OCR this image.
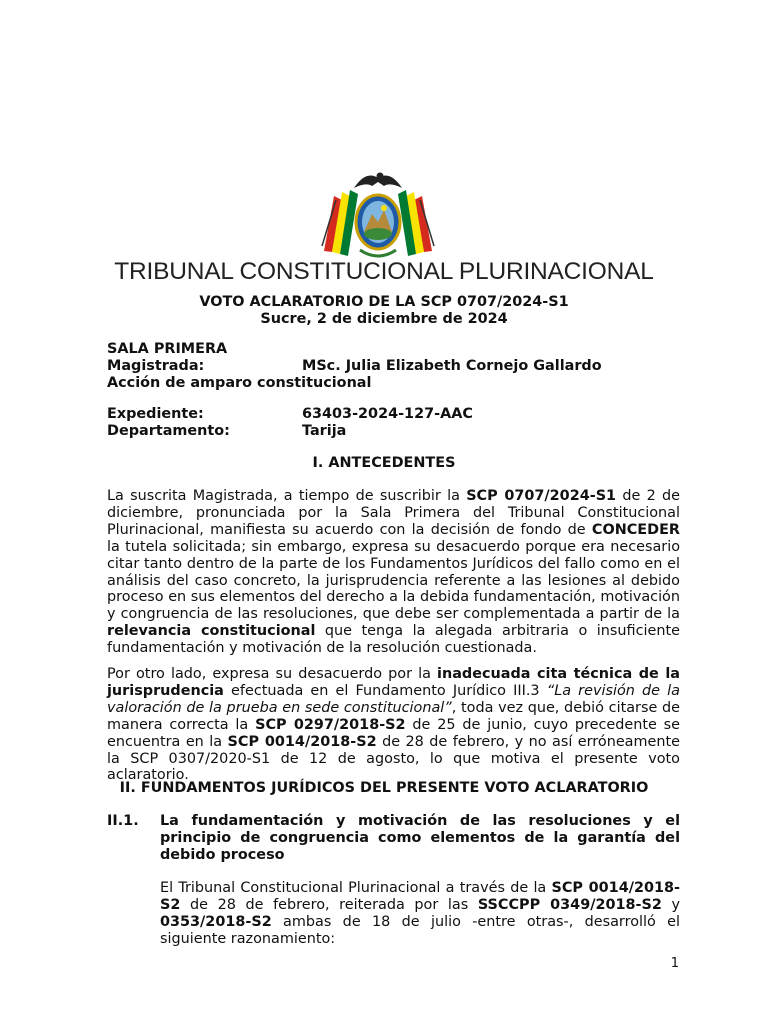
TRIBUNAL CONSTITUCIONAL PLURINACIONAL
VOTO ACLARATORIO DE LA SCP 0707/2024-S1
Sucre, 2 de diciembre de 2024
SALA PRIMERA
Magistrada:	MSc. Julia Elizabeth Cornejo Gallardo
Acción de amparo constitucional
Expediente:	63403-2024-127-AAC
Departamento:	Tarija
I. ANTECEDENTES
La suscrita Magistrada, a tiempo de suscribir la SCP 0707/2024-S1 de 2 de diciembre, pronunciada por la Sala Primera del Tribunal Constitucional Plurinacional, manifiesta su acuerdo con la decisión de fondo de CONCEDER la tutela solicitada; sin embargo, expresa su desacuerdo porque era necesario citar tanto dentro de la parte de los Fundamentos Jurídicos del fallo como en el análisis del caso concreto, la jurisprudencia referente a las lesiones al debido proceso en sus elementos del derecho a la debida fundamentación, motivación y congruencia de las resoluciones, que debe ser complementada a partir de la relevancia constitucional que tenga la alegada arbitraria o insuficiente fundamentación y motivación de la resolución cuestionada.
Por otro lado, expresa su desacuerdo por la inadecuada cita técnica de la jurisprudencia efectuada en el Fundamento Jurídico III.3 “La revisión de la valoración de la prueba en sede constitucional”, toda vez que, debió citarse de manera correcta la SCP 0297/2018-S2 de 25 de junio, cuyo precedente se encuentra en la SCP 0014/2018-S2 de 28 de febrero, y no así erróneamente la SCP 0307/2020-S1 de 12 de agosto, lo que motiva el presente voto aclaratorio.
II. FUNDAMENTOS JURÍDICOS DEL PRESENTE VOTO ACLARATORIO
II.1. La fundamentación y motivación de las resoluciones y el principio de congruencia como elementos de la garantía del debido proceso
El Tribunal Constitucional Plurinacional a través de la SCP 0014/2018-S2 de 28 de febrero, reiterada por las SSCCPP 0349/2018-S2 y 0353/2018-S2 ambas de 18 de julio -entre otras-, desarrolló el siguiente razonamiento:
1
